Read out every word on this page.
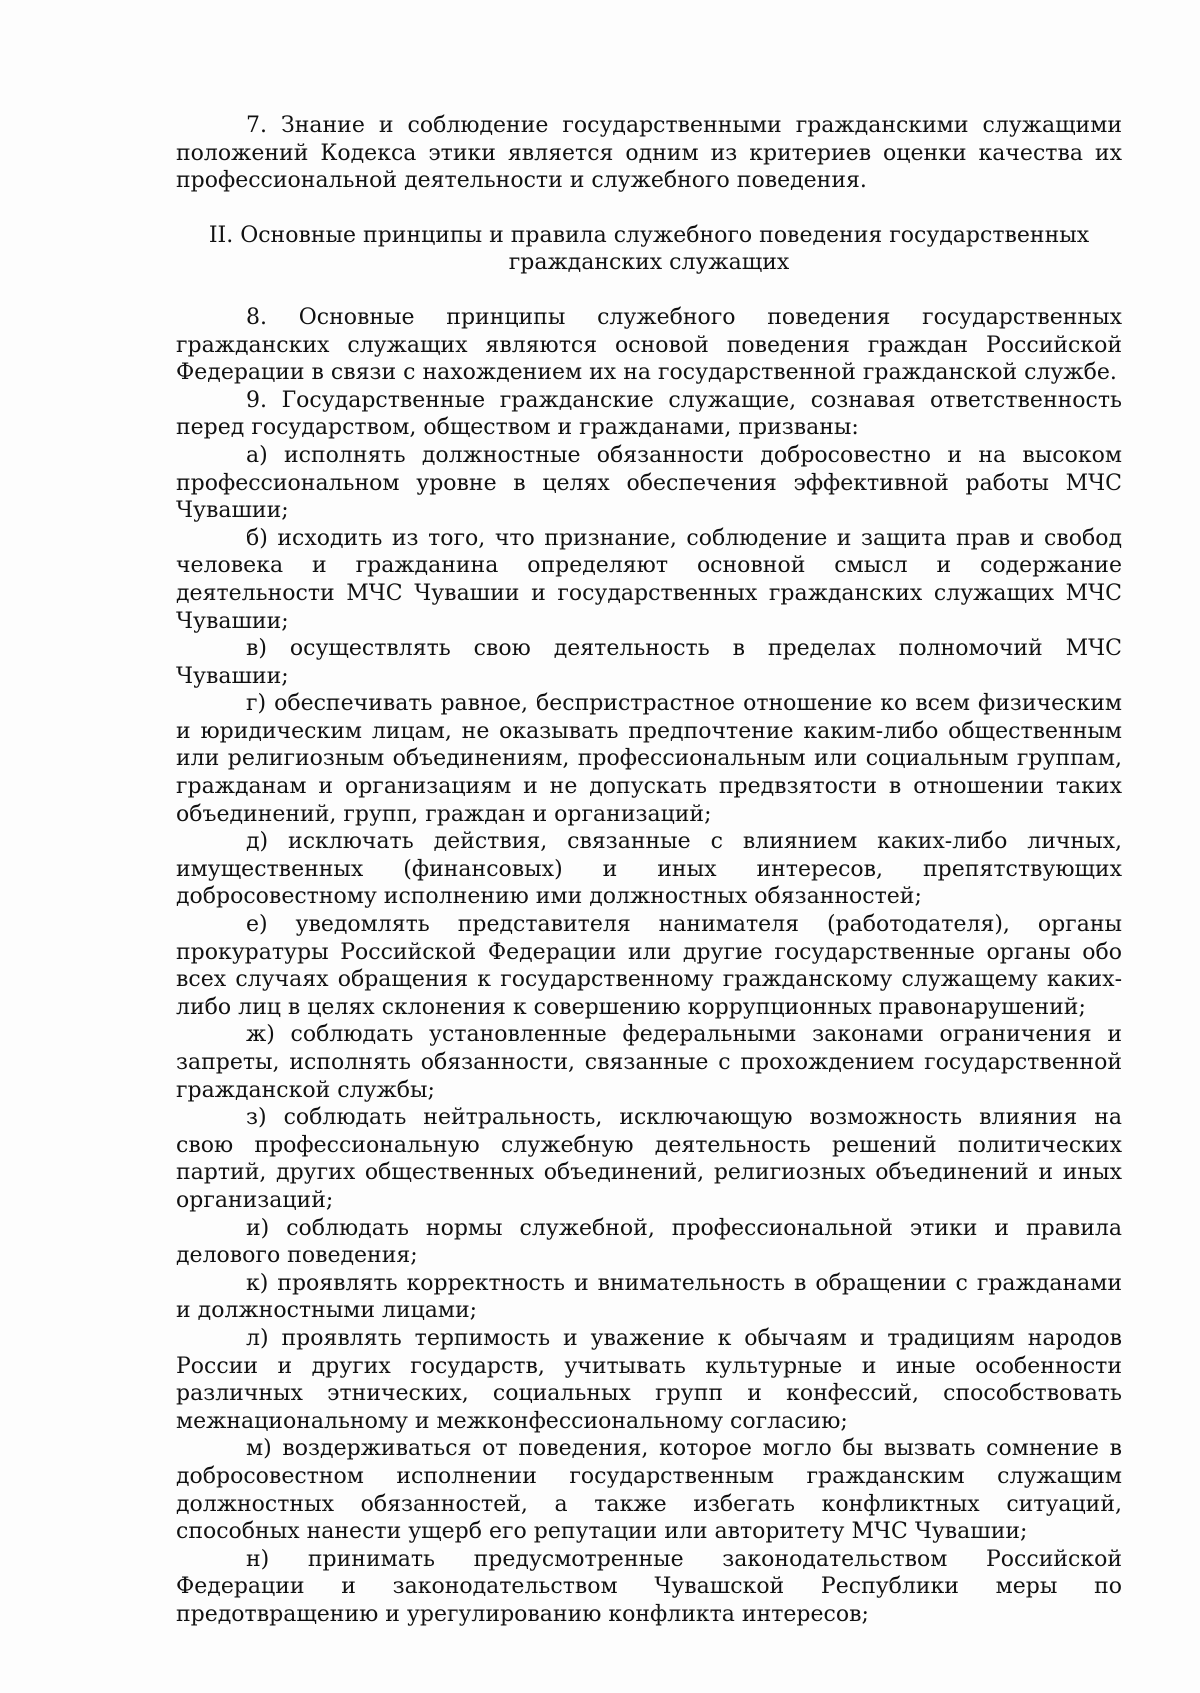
7. Знание и соблюдение государственными гражданскими служащими положений Кодекса этики является одним из критериев оценки качества их профессиональной деятельности и служебного поведения.

II. Основные принципы и правила служебного поведения государственных
гражданских служащих

8. Основные принципы служебного поведения государственных гражданских служащих являются основой поведения граждан Российской Федерации в связи с нахождением их на государственной гражданской службе.

9. Государственные гражданские служащие, сознавая ответственность перед государством, обществом и гражданами, призваны:

а) исполнять должностные обязанности добросовестно и на высоком профессиональном уровне в целях обеспечения эффективной работы МЧС Чувашии;

б) исходить из того, что признание, соблюдение и защита прав и свобод человека и гражданина определяют основной смысл и содержание деятельности МЧС Чувашии и государственных гражданских служащих МЧС Чувашии;

в) осуществлять свою деятельность в пределах полномочий МЧС Чувашии;

г) обеспечивать равное, беспристрастное отношение ко всем физическим и юридическим лицам, не оказывать предпочтение каким-либо общественным или религиозным объединениям, профессиональным или социальным группам, гражданам и организациям и не допускать предвзятости в отношении таких объединений, групп, граждан и организаций;

д) исключать действия, связанные с влиянием каких-либо личных, имущественных (финансовых) и иных интересов, препятствующих добросовестному исполнению ими должностных обязанностей;

е) уведомлять представителя нанимателя (работодателя), органы прокуратуры Российской Федерации или другие государственные органы обо всех случаях обращения к государственному гражданскому служащему каких-либо лиц в целях склонения к совершению коррупционных правонарушений;

ж) соблюдать установленные федеральными законами ограничения и запреты, исполнять обязанности, связанные с прохождением государственной гражданской службы;

з) соблюдать нейтральность, исключающую возможность влияния на свою профессиональную служебную деятельность решений политических партий, других общественных объединений, религиозных объединений и иных организаций;

и) соблюдать нормы служебной, профессиональной этики и правила делового поведения;

к) проявлять корректность и внимательность в обращении с гражданами и должностными лицами;

л) проявлять терпимость и уважение к обычаям и традициям народов России и других государств, учитывать культурные и иные особенности различных этнических, социальных групп и конфессий, способствовать межнациональному и межконфессиональному согласию;

м) воздерживаться от поведения, которое могло бы вызвать сомнение в добросовестном исполнении государственным гражданским служащим должностных обязанностей, а также избегать конфликтных ситуаций, способных нанести ущерб его репутации или авторитету МЧС Чувашии;

н) принимать предусмотренные законодательством Российской Федерации и законодательством Чувашской Республики меры по предотвращению и урегулированию конфликта интересов;
